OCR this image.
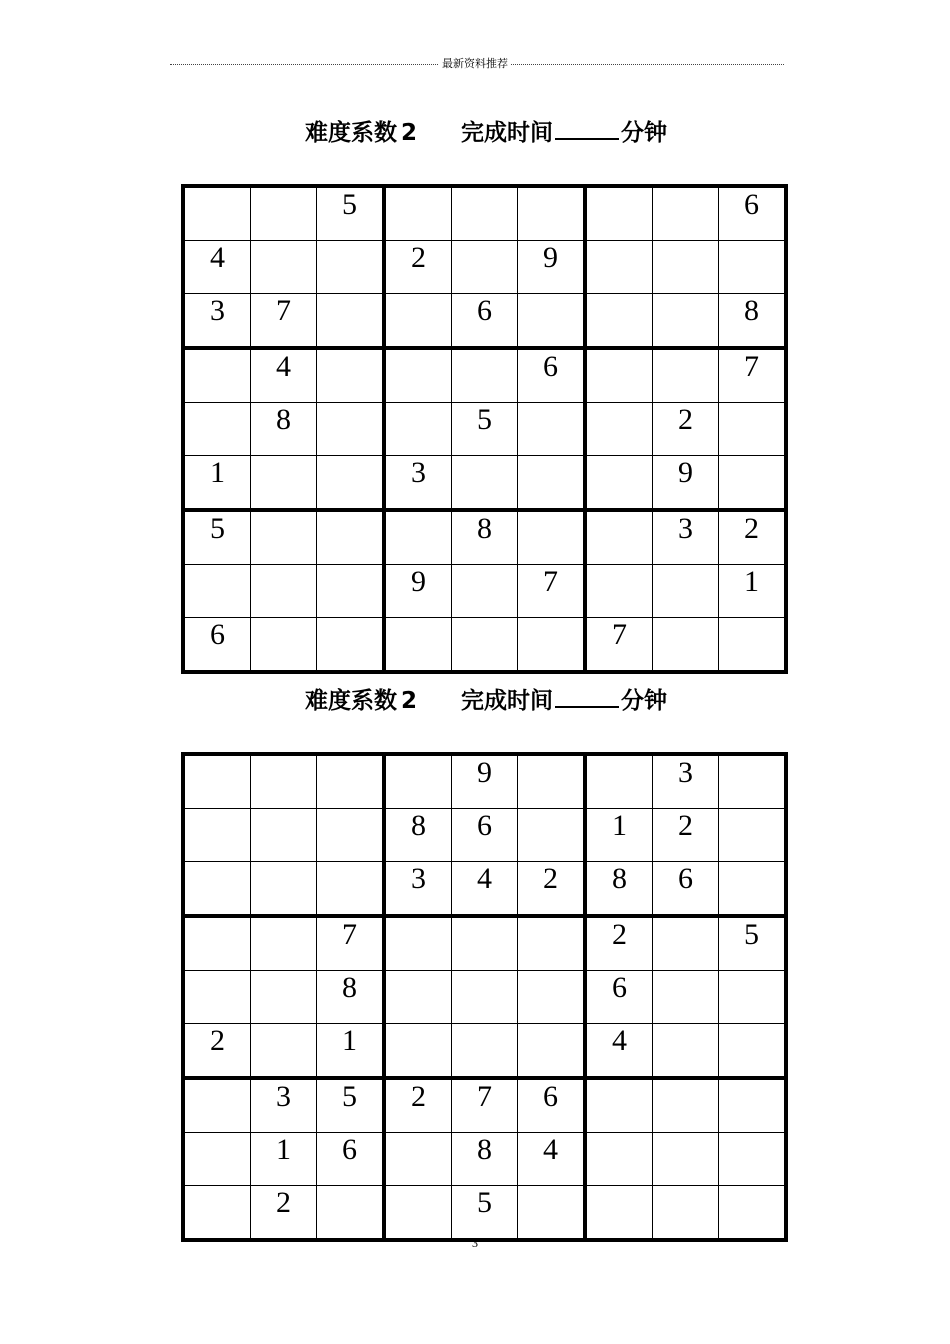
最新资料推荐
难度系数 2 完成时间	分钟
		5						6
4			2		9			
3	7			6				8
	4				6			7
	8			5			2	
1			3				9	
5				8			3	2
			9		7			1
6						7		
难度系数 2 完成时间	分钟
				9			3	
			8	6		1	2	
			3	4	2	8	6	
		7				2		5
		8				6		
2		1				4		
	3	5	2	7	6			
	1	6		8	4			
	2			5				
3
